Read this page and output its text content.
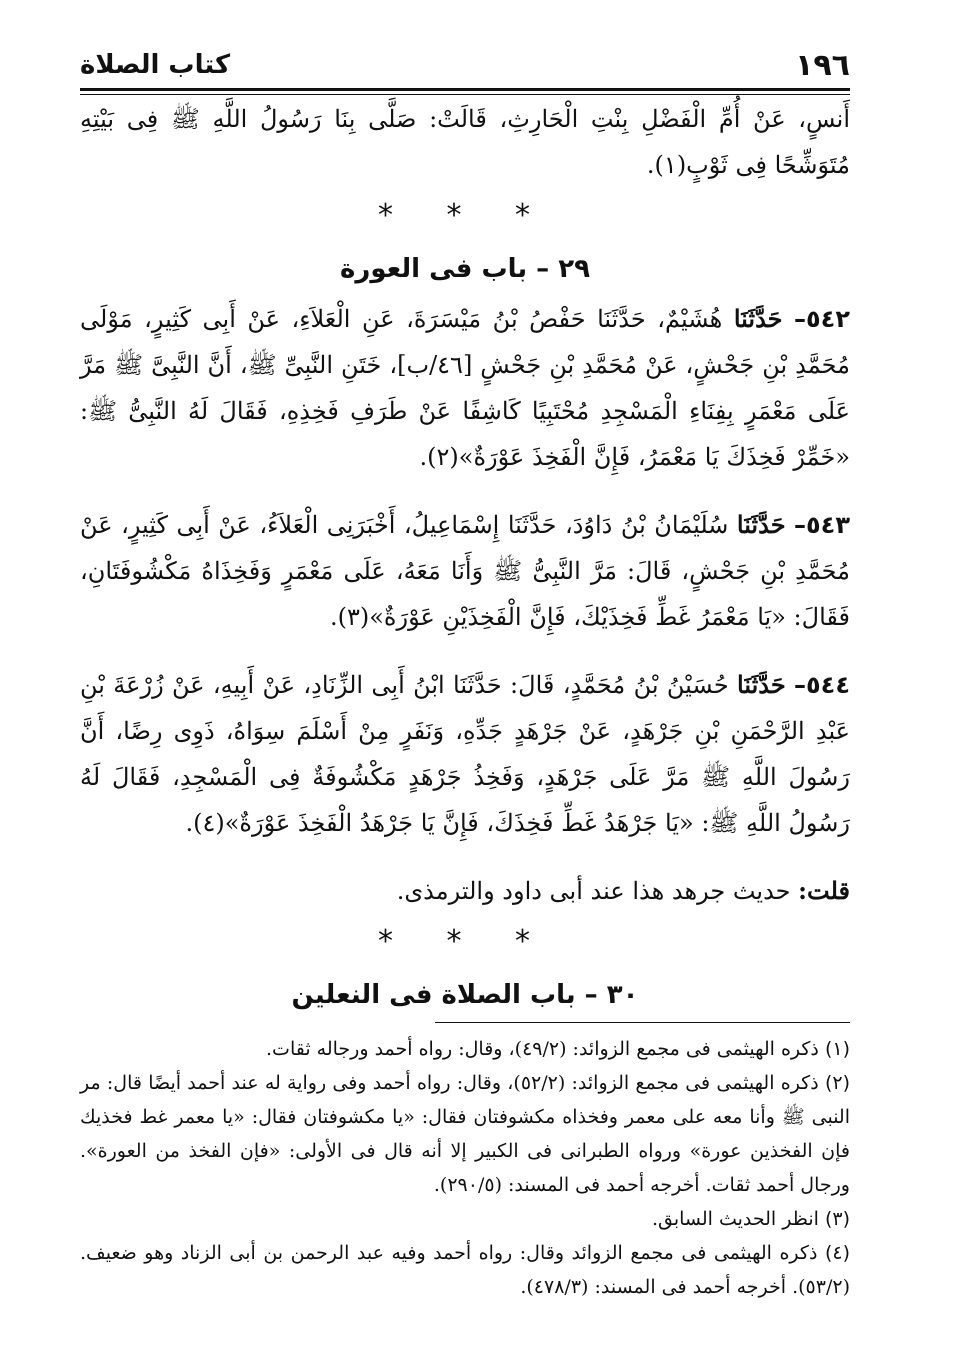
١٩٦
كتاب الصلاة

أَنسٍ، عَنْ أُمِّ الْفَضْلِ بِنْتِ الْحَارِثِ، قَالَتْ: صَلَّى بِنَا رَسُولُ اللَّهِ ﷺ فِى بَيْتِهِ مُتَوَشِّحًا فِى ثَوْبٍ(١).

* * *

٢٩ – باب فى العورة

٥٤٢– حَدَّثَنَا هُشَيْمٌ، حَدَّثَنَا حَفْصُ بْنُ مَيْسَرَةَ، عَنِ الْعَلاَءِ، عَنْ أَبِى كَثِيرٍ، مَوْلَى مُحَمَّدِ بْنِ جَحْشٍ، عَنْ مُحَمَّدِ بْنِ جَحْشٍ [٤٦/ب]، خَتَنِ النَّبِىِّ ﷺ، أَنَّ النَّبِىَّ ﷺ مَرَّ عَلَى مَعْمَرٍ بِفِنَاءِ الْمَسْجِدِ مُحْتَبِيًا كَاشِفًا عَنْ طَرَفِ فَخِذِهِ، فَقَالَ لَهُ النَّبِىُّ ﷺ: «خَمِّرْ فَخِذَكَ يَا مَعْمَرُ، فَإِنَّ الْفَخِذَ عَوْرَةٌ»(٢).

٥٤٣– حَدَّثَنَا سُلَيْمَانُ بْنُ دَاوُدَ، حَدَّثَنَا إِسْمَاعِيلُ، أَخْبَرَنِى الْعَلاَءُ، عَنْ أَبِى كَثِيرٍ، عَنْ مُحَمَّدِ بْنِ جَحْشٍ، قَالَ: مَرَّ النَّبِىُّ ﷺ وَأَنَا مَعَهُ، عَلَى مَعْمَرٍ وَفَخِذَاهُ مَكْشُوفَتَانِ، فَقَالَ: «يَا مَعْمَرُ غَطِّ فَخِذَيْكَ، فَإِنَّ الْفَخِذَيْنِ عَوْرَةٌ»(٣).

٥٤٤– حَدَّثَنَا حُسَيْنُ بْنُ مُحَمَّدٍ، قَالَ: حَدَّثَنَا ابْنُ أَبِى الزِّنَادِ، عَنْ أَبِيهِ، عَنْ زُرْعَةَ بْنِ عَبْدِ الرَّحْمَنِ بْنِ جَرْهَدٍ، عَنْ جَرْهَدٍ جَدِّهِ، وَنَفَرٍ مِنْ أَسْلَمَ سِوَاهُ، ذَوِى رِضًا، أَنَّ رَسُولَ اللَّهِ ﷺ مَرَّ عَلَى جَرْهَدٍ، وَفَخِذُ جَرْهَدٍ مَكْشُوفَةٌ فِى الْمَسْجِدِ، فَقَالَ لَهُ رَسُولُ اللَّهِ ﷺ: «يَا جَرْهَدُ غَطِّ فَخِذَكَ، فَإِنَّ يَا جَرْهَدُ الْفَخِذَ عَوْرَةٌ»(٤).

قلت: حديث جرهد هذا عند أبى داود والترمذى.

* * *

٣٠ – باب الصلاة فى النعلين

(١) ذكره الهيثمى فى مجمع الزوائد: (٤٩/٢)، وقال: رواه أحمد ورجاله ثقات.

(٢) ذكره الهيثمى فى مجمع الزوائد: (٥٢/٢)، وقال: رواه أحمد وفى رواية له عند أحمد أيضًا قال: مر النبى ﷺ وأنا معه على معمر وفخذاه مكشوفتان فقال: «يا مكشوفتان فقال: «يا معمر غط فخذيك فإن الفخذين عورة» ورواه الطبرانى فى الكبير إلا أنه قال فى الأولى: «فإن الفخذ من العورة». ورجال أحمد ثقات. أخرجه أحمد فى المسند: (٢٩٠/٥).

(٣) انظر الحديث السابق.

(٤) ذكره الهيثمى فى مجمع الزوائد وقال: رواه أحمد وفيه عبد الرحمن بن أبى الزناد وهو ضعيف. (٥٣/٢). أخرجه أحمد فى المسند: (٤٧٨/٣).
